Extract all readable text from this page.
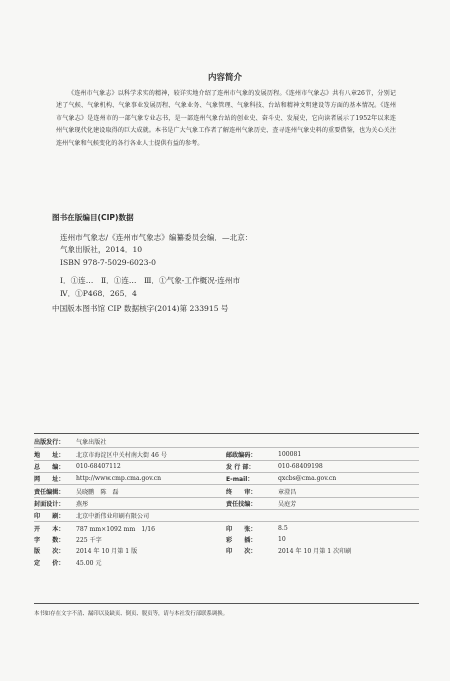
内容简介

《连州市气象志》以科学求实的精神，较详实地介绍了连州市气象的发展历程。《连州市气象志》共有八章26节，分别记述了气候、气象机构、气象事业发展历程、气象业务、气象管理、气象科技、台站和精神文明建设等方面的基本情况。《连州市气象志》是连州市的一部气象专业志书，是一部连州气象台站的创业史、奋斗史、发展史，它向读者展示了1952年以来连州气象现代化建设取得的巨大成就。本书是广大气象工作者了解连州气象历史、查寻连州气象史料的重要借鉴，也为关心关注连州气象和气候变化的各行各业人士提供有益的参考。

图书在版编目(CIP)数据
连州市气象志/《连州市气象志》编纂委员会编．—北京：
气象出版社，2014．10
ISBN 978-7-5029-6023-0
Ⅰ．①连…　Ⅱ．①连…　Ⅲ．①气象-工作概况-连州市
Ⅳ．①P468．265．4
中国版本图书馆 CIP 数据核字(2014)第 233915 号
出版发行：	气象出版社		
地　　址：	北京市海淀区中关村南大街 46 号	邮政编码：	100081
总　　编：	010-68407112	发 行 部：	010-68409198
网　　址：	http://www.cmp.cma.gov.cn	E-mail：	qxcbs@cma.gov.cn
责任编辑：	吴晓鹏　陈　磊	终　　审：	章澄昌
封面设计：	燕彤	责任技编：	吴庭芳
印　　刷：	北京中新伟业印刷有限公司		
开　　本：	787 mm×1092 mm　1/16	印　　张：	8.5
字　　数：	225 千字	彩　　插：	10
版　　次：	2014 年 10 月第 1 版	印　　次：	2014 年 10 月第 1 次印刷
定　　价：	45.00 元		
本书如存在文字不清、漏印以及缺页、倒页、脱页等，请与本社发行部联系调换。
